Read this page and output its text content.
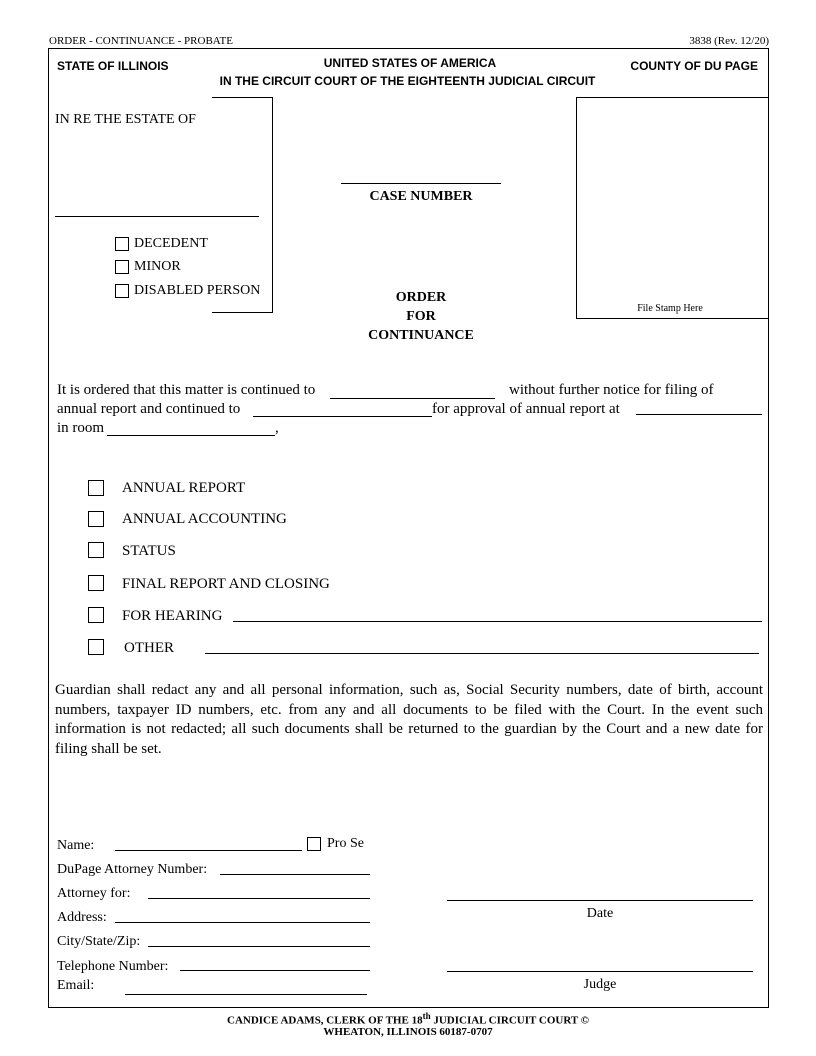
ORDER - CONTINUANCE - PROBATE	3838 (Rev. 12/20)
STATE OF ILLINOIS	UNITED STATES OF AMERICA
IN THE CIRCUIT COURT OF THE EIGHTEENTH JUDICIAL CIRCUIT
COUNTY OF DU PAGE
IN RE THE ESTATE OF
DECEDENT
MINOR
DISABLED PERSON
CASE NUMBER
File Stamp Here
ORDER
FOR
CONTINUANCE
It is ordered that this matter is continued to	without further notice for filing of
annual report and continued to	for approval of annual report at
in room	,
ANNUAL REPORT
ANNUAL ACCOUNTING
STATUS
FINAL REPORT AND CLOSING
FOR HEARING
OTHER
Guardian shall redact any and all personal information, such as, Social Security numbers, date of birth, account numbers, taxpayer ID numbers, etc. from any and all documents to be filed with the Court. In the event such information is not redacted; all such documents shall be returned to the guardian by the Court and a new date for filing shall be set.
Name:	Pro Se
DuPage Attorney Number:
Attorney for:
Address:
City/State/Zip:
Telephone Number:
Email:
Date
Judge
CANDICE ADAMS, CLERK OF THE 18th JUDICIAL CIRCUIT COURT ©
WHEATON, ILLINOIS 60187-0707
